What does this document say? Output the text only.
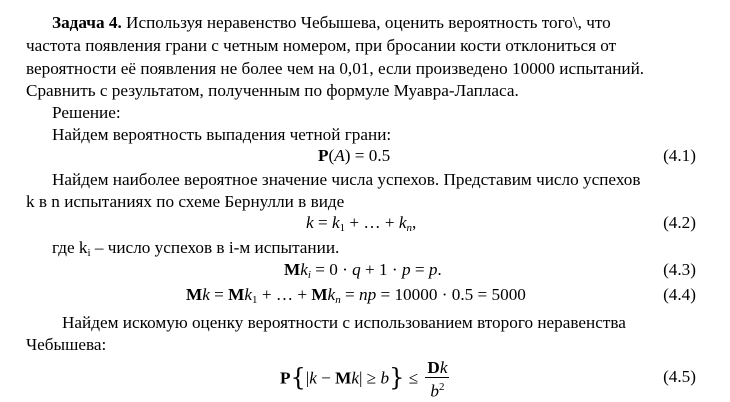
Задача 4. Используя неравенство Чебышева, оценить вероятность того\, что
частота появления грани с четным номером, при бросании кости отклониться от
вероятности её появления не более чем на 0,01, если произведено 10000 испытаний.
Сравнить с результатом, полученным по формуле Муавра-Лапласа.
Решение:
Найдем вероятность выпадения четной грани:
P(A) = 0.5	(4.1)
Найдем наиболее вероятное значение числа успехов. Представим число успехов
k в n испытаниях по схеме Бернулли в виде
$k = k_1$ + … + $k_n$,	(4.2)
где $k_i$ – число успехов в i-м испытании.
$Mk_i = 0 \cdot q + 1 \cdot p = p$.	(4.3)
$Mk = Mk_1$ + … + $Mk_n$ = np = 10000 · 0.5 = 5000	(4.4)
Найдем искомую оценку вероятности с использованием второго неравенства
Чебышева:
$P\{|k - Mk| \ge b\} \le \frac{Dk}{b^2}$	(4.5)
